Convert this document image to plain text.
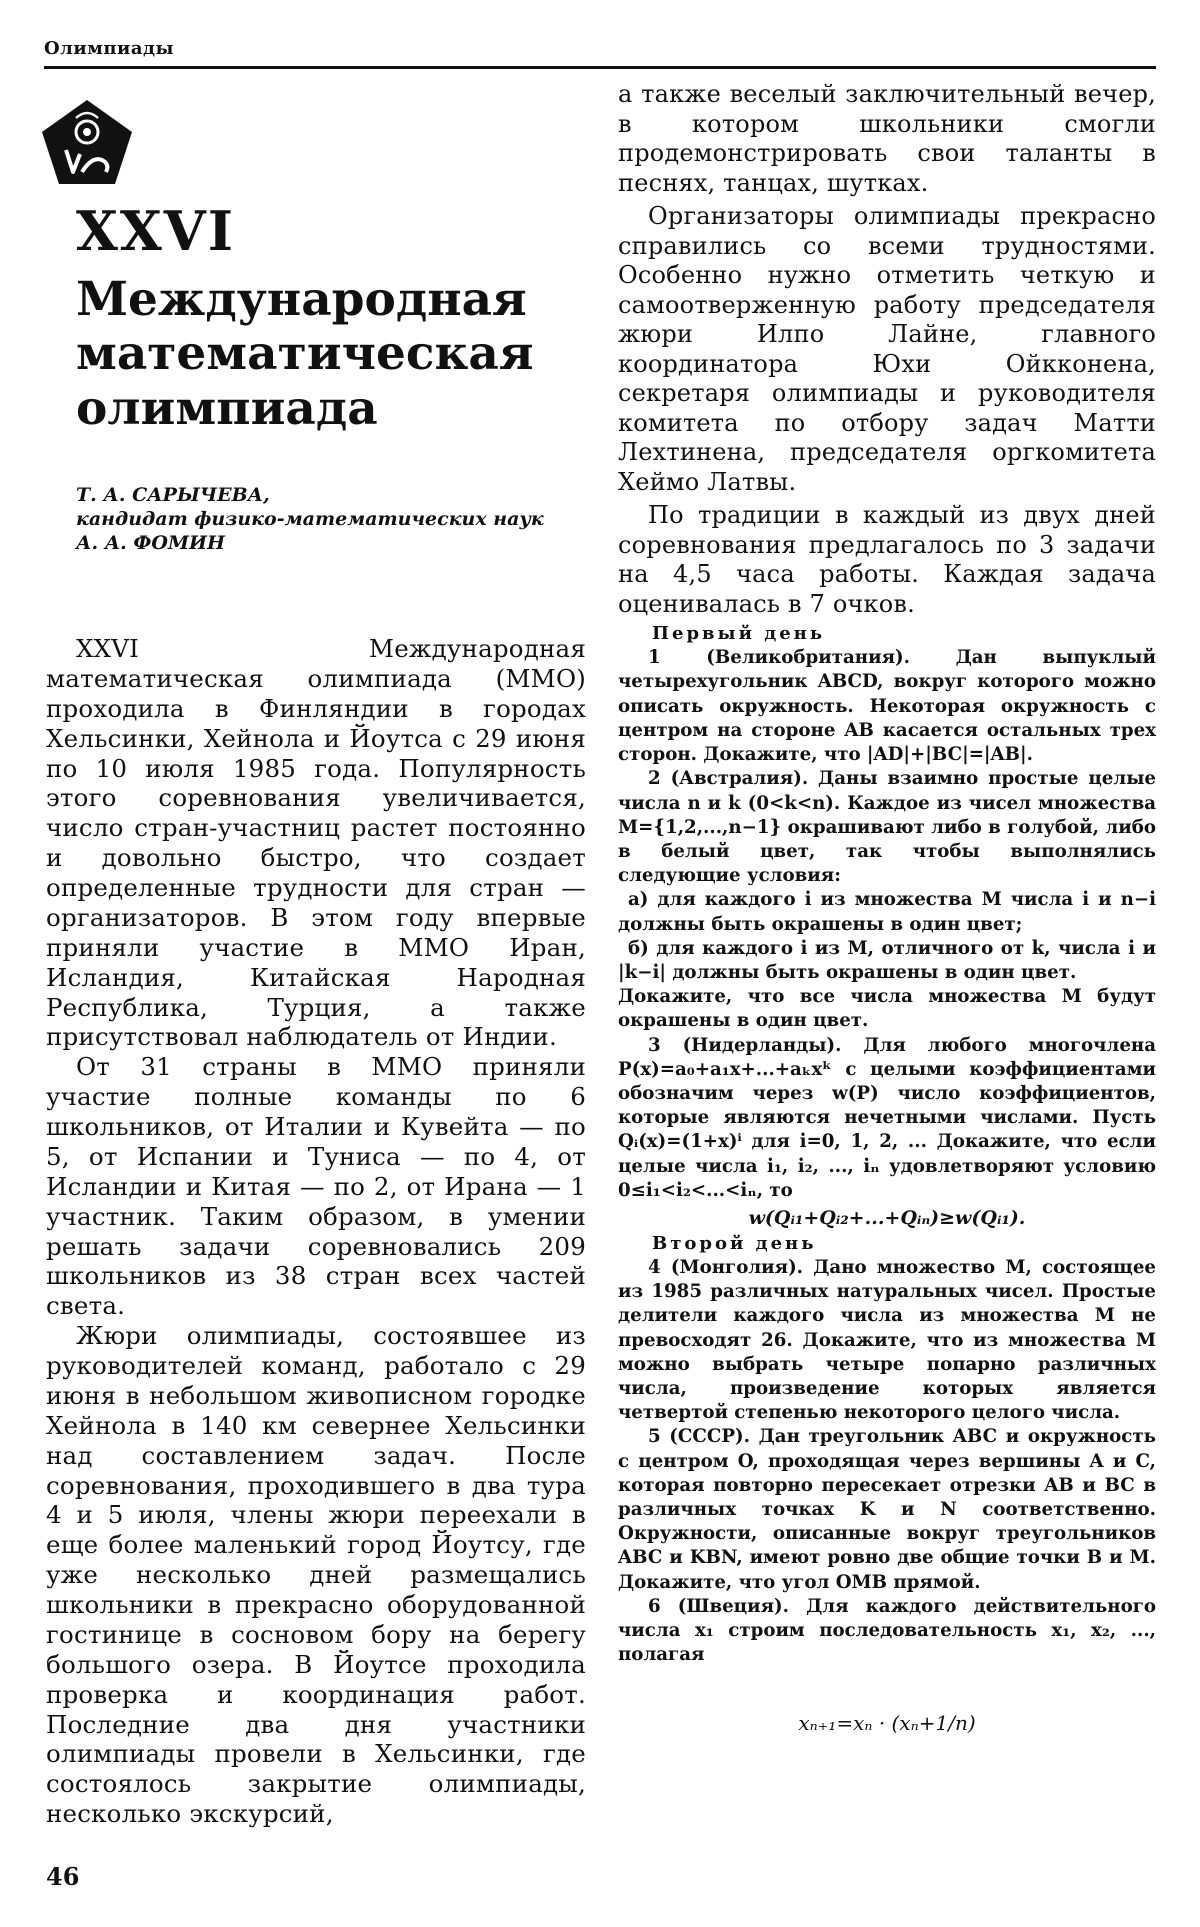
Олимпиады
XXVI
Международная
математическая
олимпиада
Т. А. САРЫЧЕВА,
кандидат физико-математических наук
А. А. ФОМИН

XXVI Международная математическая олимпиада (ММО) проходила в Финляндии в городах Хельсинки, Хейнола и Йоутса с 29 июня по 10 июля 1985 года. Популярность этого соревнования увеличивается, число стран-участниц растет постоянно и довольно быстро, что создает определенные трудности для стран — организаторов. В этом году впервые приняли участие в ММО Иран, Исландия, Китайская Народная Республика, Турция, а также присутствовал наблюдатель от Индии.

От 31 страны в ММО приняли участие полные команды по 6 школьников, от Италии и Кувейта — по 5, от Испании и Туниса — по 4, от Исландии и Китая — по 2, от Ирана — 1 участник. Таким образом, в умении решать задачи соревновались 209 школьников из 38 стран всех частей света.

Жюри олимпиады, состоявшее из руководителей команд, работало с 29 июня в небольшом живописном городке Хейнола в 140 км севернее Хельсинки над составлением задач. После соревнования, проходившего в два тура 4 и 5 июля, члены жюри переехали в еще более маленький город Йоутсу, где уже несколько дней размещались школьники в прекрасно оборудованной гостинице в сосновом бору на берегу большого озера. В Йоутсе проходила проверка и координация работ. Последние два дня участники олимпиады провели в Хельсинки, где состоялось закрытие олимпиады, несколько экскурсий,

а также веселый заключительный вечер, в котором школьники смогли продемонстрировать свои таланты в песнях, танцах, шутках.

Организаторы олимпиады прекрасно справились со всеми трудностями. Особенно нужно отметить четкую и самоотверженную работу председателя жюри Илпо Лайне, главного координатора Юхи Ойкконена, секретаря олимпиады и руководителя комитета по отбору задач Матти Лехтинена, председателя оргкомитета Хеймо Латвы.

По традиции в каждый из двух дней соревнования предлагалось по 3 задачи на 4,5 часа работы. Каждая задача оценивалась в 7 очков.

Первый день

1 (Великобритания). Дан выпуклый четырехугольник ABCD, вокруг которого можно описать окружность. Некоторая окружность с центром на стороне AB касается остальных трех сторон. Докажите, что |AD|+|BC|=|AB|.

2 (Австралия). Даны взаимно простые целые числа n и k (0<k<n). Каждое из чисел множества M={1,2,...,n−1} окрашивают либо в голубой, либо в белый цвет, так чтобы выполнялись следующие условия:

а) для каждого i из множества M числа i и n−i должны быть окрашены в один цвет;

б) для каждого i из M, отличного от k, числа i и |k−i| должны быть окрашены в один цвет.

Докажите, что все числа множества M будут окрашены в один цвет.

3 (Нидерланды). Для любого многочлена P(x)=a₀+a₁x+...+aₖxᵏ с целыми коэффициентами обозначим через w(P) число коэффициентов, которые являются нечетными числами. Пусть Qᵢ(x)=(1+x)ⁱ для i=0, 1, 2, ... Докажите, что если целые числа i₁, i₂, ..., iₙ удовлетворяют условию 0≤i₁<i₂<...<iₙ, то

w(Qᵢ₁+Qᵢ₂+...+Qᵢₙ)≥w(Qᵢ₁).
Второй день

4 (Монголия). Дано множество M, состоящее из 1985 различных натуральных чисел. Простые делители каждого числа из множества M не превосходят 26. Докажите, что из множества M можно выбрать четыре попарно различных числа, произведение которых является четвертой степенью некоторого целого числа.

5 (СССР). Дан треугольник ABC и окружность с центром O, проходящая через вершины A и C, которая повторно пересекает отрезки AB и BC в различных точках K и N соответственно. Окружности, описанные вокруг треугольников ABC и KBN, имеют ровно две общие точки B и M. Докажите, что угол OMB прямой.

6 (Швеция). Для каждого действительного числа x₁ строим последовательность x₁, x₂, ..., полагая

xₙ₊₁=xₙ · (xₙ+1/n)
46
